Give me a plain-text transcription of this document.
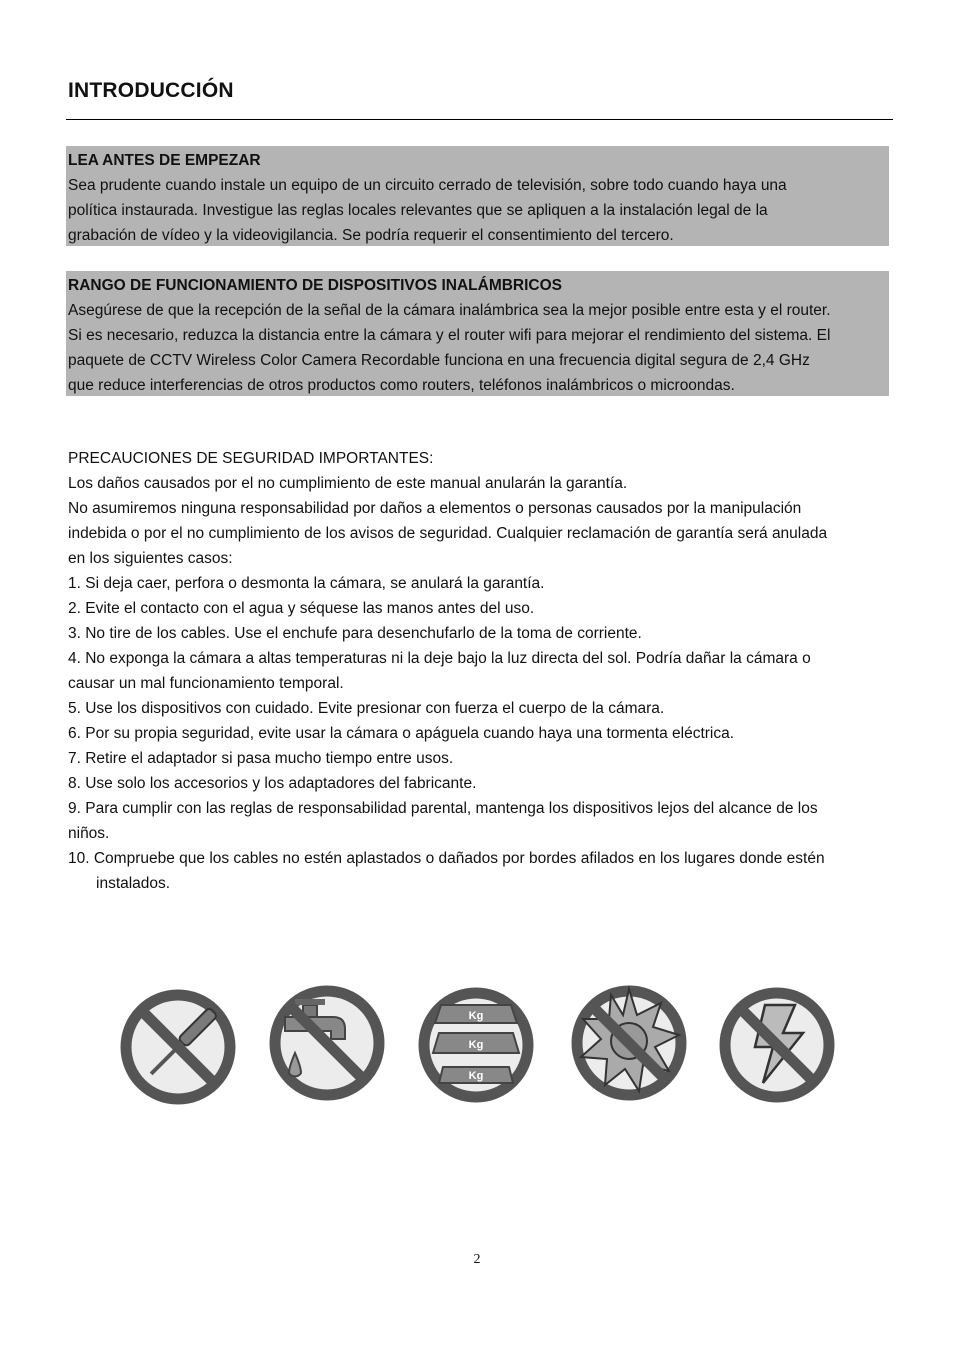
INTRODUCCIÓN
LEA ANTES DE EMPEZAR
Sea prudente cuando instale un equipo de un circuito cerrado de televisión, sobre todo cuando haya una
política instaurada. Investigue las reglas locales relevantes que se apliquen a la instalación legal de la
grabación de vídeo y la videovigilancia. Se podría requerir el consentimiento del tercero.
RANGO DE FUNCIONAMIENTO DE DISPOSITIVOS INALÁMBRICOS
Asegúrese de que la recepción de la señal de la cámara inalámbrica sea la mejor posible entre esta y el router.
Si es necesario, reduzca la distancia entre la cámara y el router wifi para mejorar el rendimiento del sistema. El
paquete de CCTV Wireless Color Camera Recordable funciona en una frecuencia digital segura de 2,4 GHz
que reduce interferencias de otros productos como routers, teléfonos inalámbricos o microondas.
PRECAUCIONES DE SEGURIDAD IMPORTANTES:
Los daños causados por el no cumplimiento de este manual anularán la garantía.
No asumiremos ninguna responsabilidad por daños a elementos o personas causados por la manipulación
indebida o por el no cumplimiento de los avisos de seguridad. Cualquier reclamación de garantía será anulada
en los siguientes casos:
1. Si deja caer, perfora o desmonta la cámara, se anulará la garantía.
2. Evite el contacto con el agua y séquese las manos antes del uso.
3. No tire de los cables. Use el enchufe para desenchufarlo de la toma de corriente.
4. No exponga la cámara a altas temperaturas ni la deje bajo la luz directa del sol. Podría dañar la cámara o
causar un mal funcionamiento temporal.
5. Use los dispositivos con cuidado. Evite presionar con fuerza el cuerpo de la cámara.
6. Por su propia seguridad, evite usar la cámara o apáguela cuando haya una tormenta eléctrica.
7. Retire el adaptador si pasa mucho tiempo entre usos.
8. Use solo los accesorios y los adaptadores del fabricante.
9. Para cumplir con las reglas de responsabilidad parental, mantenga los dispositivos lejos del alcance de los
niños.
10. Compruebe que los cables no estén aplastados o dañados por bordes afilados en los lugares donde estén
instalados.
Kg
Kg
Kg
2
